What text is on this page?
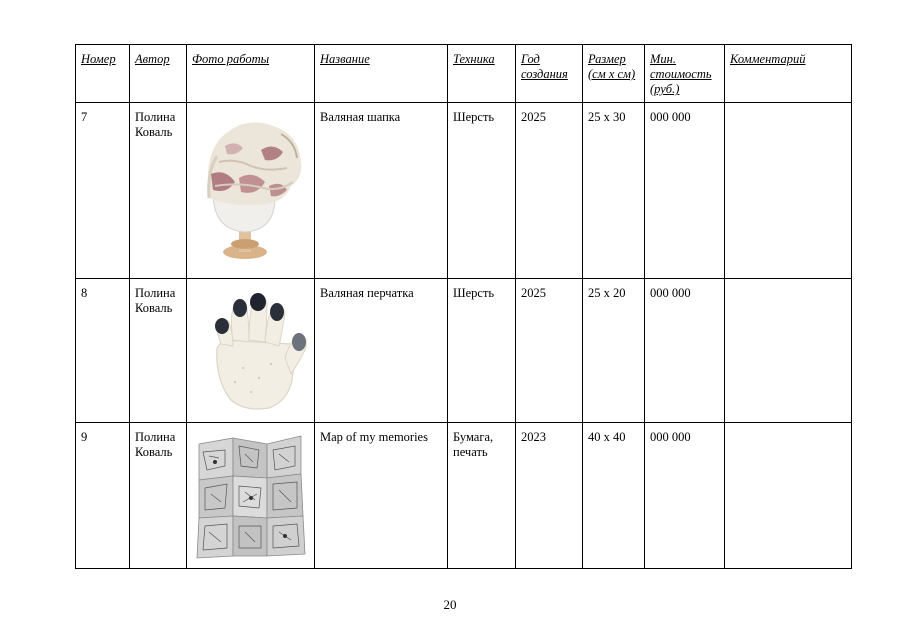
Номер	Автор	Фото работы	Название	Техника	Год создания	Размер (см х см)	Мин. стоимость (руб.)	Комментарий
7	Полина Коваль		Валяная шапка	Шерсть	2025	25 х 30	000 000	
8	Полина Коваль		Валяная перчатка	Шерсть	2025	25 х 20	000 000	
9	Полина Коваль		Map of my memories	Бумага, печать	2023	40 х 40	000 000	
20
